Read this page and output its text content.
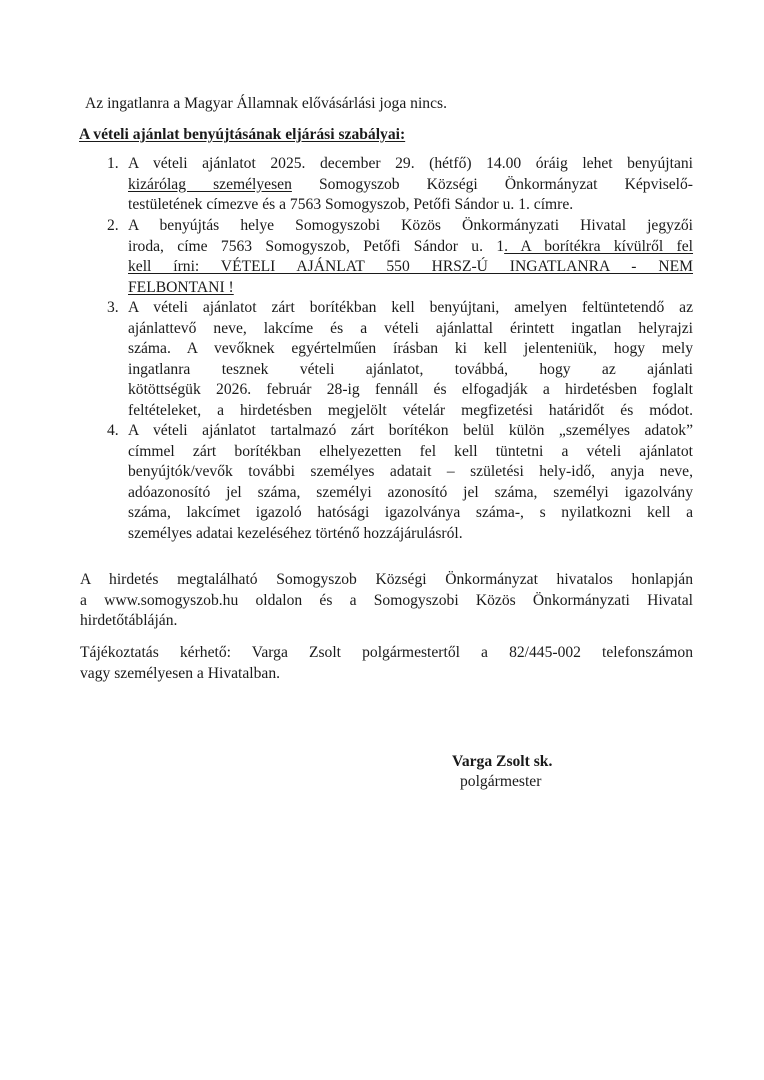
Az ingatlanra a Magyar Államnak elővásárlási joga nincs.
A vételi ajánlat benyújtásának eljárási szabályai:
1. A vételi ajánlatot 2025. december 29. (hétfő) 14.00 óráig lehet benyújtani
kizárólag személyesen Somogyszob Községi Önkormányzat Képviselő-
testületének címezve és a 7563 Somogyszob, Petőfi Sándor u. 1. címre.
2. A benyújtás helye Somogyszobi Közös Önkormányzati Hivatal jegyzői
iroda, címe 7563 Somogyszob, Petőfi Sándor u. 1. A borítékra kívülről fel
kell írni: VÉTELI AJÁNLAT 550 HRSZ-Ú INGATLANRA - NEM
FELBONTANI !
3. A vételi ajánlatot zárt borítékban kell benyújtani, amelyen feltüntetendő az
ajánlattevő neve, lakcíme és a vételi ajánlattal érintett ingatlan helyrajzi
száma. A vevőknek egyértelműen írásban ki kell jelenteniük, hogy mely
ingatlanra tesznek vételi ajánlatot, továbbá, hogy az ajánlati
kötöttségük 2026. február 28-ig fennáll és elfogadják a hirdetésben foglalt
feltételeket, a hirdetésben megjelölt vételár megfizetési határidőt és módot.
4. A vételi ajánlatot tartalmazó zárt borítékon belül külön „személyes adatok”
címmel zárt borítékban elhelyezetten fel kell tüntetni a vételi ajánlatot
benyújtók/vevők további személyes adatait – születési hely-idő, anyja neve,
adóazonosító jel száma, személyi azonosító jel száma, személyi igazolvány
száma, lakcímet igazoló hatósági igazolványa száma-, s nyilatkozni kell a
személyes adatai kezeléséhez történő hozzájárulásról.
A hirdetés megtalálható Somogyszob Községi Önkormányzat hivatalos honlapján
a www.somogyszob.hu oldalon és a Somogyszobi Közös Önkormányzati Hivatal
hirdetőtábláján.
Tájékoztatás kérhető: Varga Zsolt polgármestertől a 82/445-002 telefonszámon
vagy személyesen a Hivatalban.
Varga Zsolt sk.
polgármester
